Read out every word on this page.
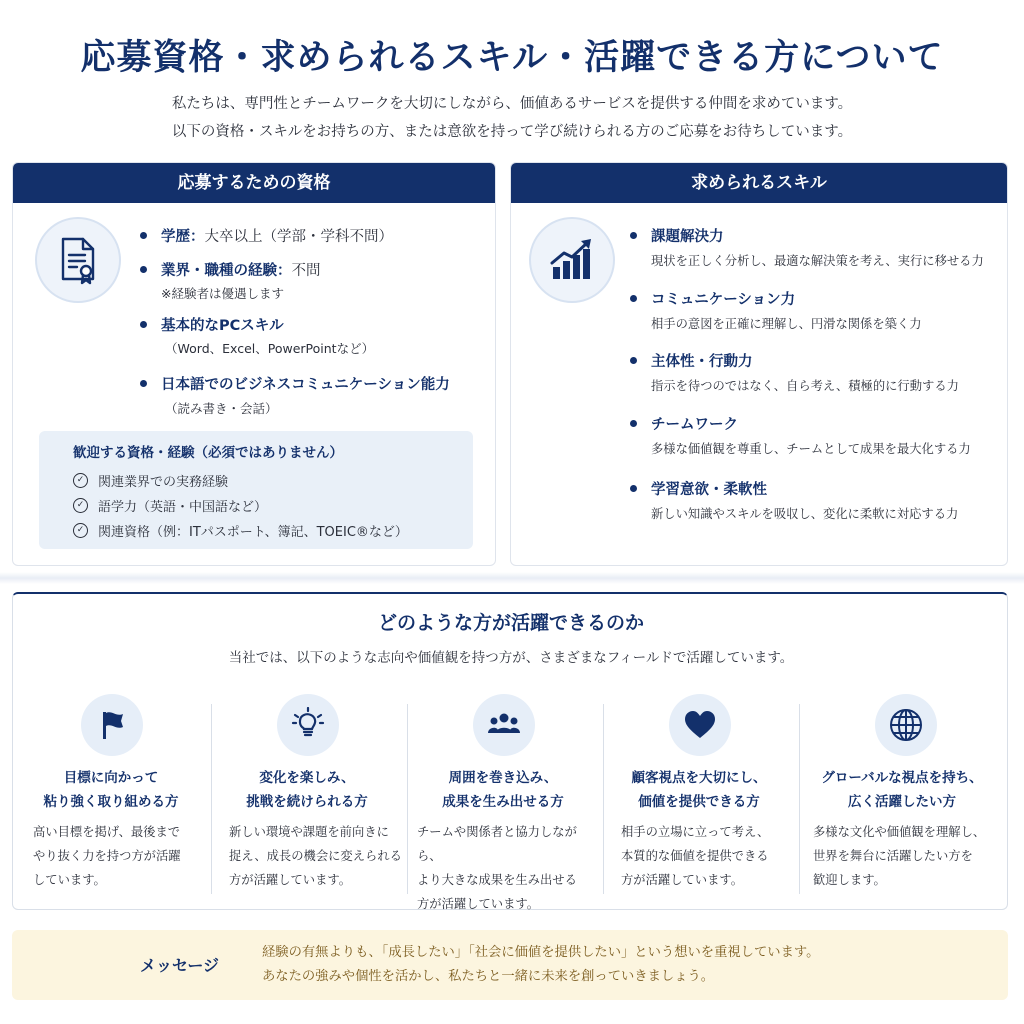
応募資格・求められるスキル・活躍できる方について
私たちは、専門性とチームワークを大切にしながら、価値あるサービスを提供する仲間を求めています。
以下の資格・スキルをお持ちの方、または意欲を持って学び続けられる方のご応募をお待ちしています。
応募するための資格
学歴：大卒以上（学部・学科不問）
業界・職種の経験：不問
※経験者は優遇します
基本的なPCスキル
（Word、Excel、PowerPointなど）
日本語でのビジネスコミュニケーション能力
（読み書き・会話）
歓迎する資格・経験（必須ではありません）
✓ 関連業界での実務経験
✓ 語学力（英語・中国語など）
✓ 関連資格（例：ITパスポート、簿記、TOEIC®など）
求められるスキル
課題解決力
現状を正しく分析し、最適な解決策を考え、実行に移せる力
コミュニケーション力
相手の意図を正確に理解し、円滑な関係を築く力
主体性・行動力
指示を待つのではなく、自ら考え、積極的に行動する力
チームワーク
多様な価値観を尊重し、チームとして成果を最大化する力
学習意欲・柔軟性
新しい知識やスキルを吸収し、変化に柔軟に対応する力
どのような方が活躍できるのか
当社では、以下のような志向や価値観を持つ方が、さまざまなフィールドで活躍しています。
目標に向かって
粘り強く取り組める方
高い目標を掲げ、最後まで
やり抜く力を持つ方が活躍
しています。
変化を楽しみ、
挑戦を続けられる方
新しい環境や課題を前向きに
捉え、成長の機会に変えられる
方が活躍しています。
周囲を巻き込み、
成果を生み出せる方
チームや関係者と協力しながら、
より大きな成果を生み出せる
方が活躍しています。
顧客視点を大切にし、
価値を提供できる方
相手の立場に立って考え、
本質的な価値を提供できる
方が活躍しています。
グローバルな視点を持ち、
広く活躍したい方
多様な文化や価値観を理解し、
世界を舞台に活躍したい方を
歓迎します。
メッセージ
経験の有無よりも、「成長したい」「社会に価値を提供したい」という想いを重視しています。
あなたの強みや個性を活かし、私たちと一緒に未来を創っていきましょう。
